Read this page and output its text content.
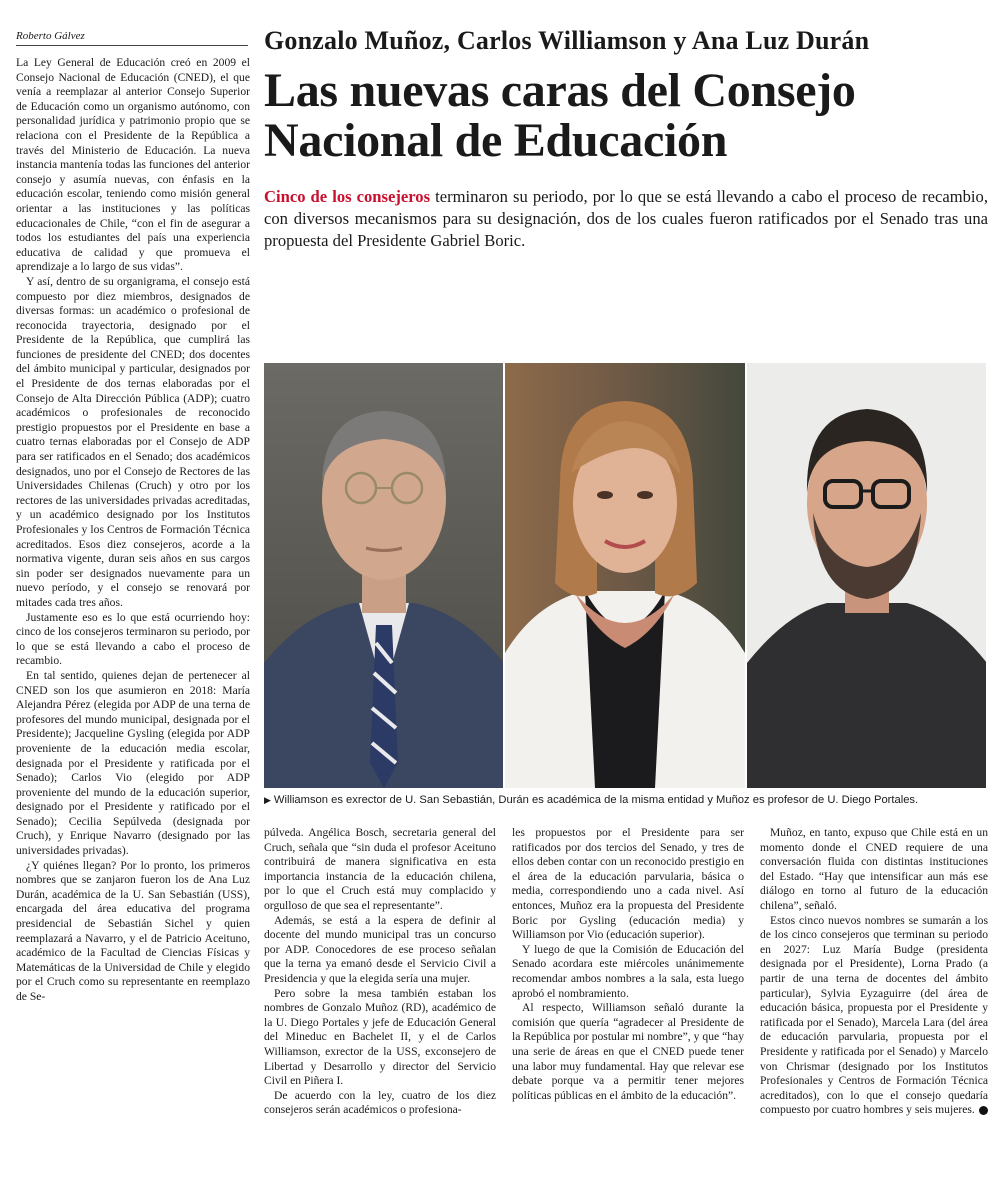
Roberto Gálvez

La Ley General de Educación creó en 2009 el Consejo Nacional de Educación (CNED), el que venía a reemplazar al anterior Consejo Superior de Educación como un organismo autónomo, con personalidad jurídica y patrimonio propio que se relaciona con el Presidente de la República a través del Ministerio de Educación. La nueva instancia mantenía todas las funciones del anterior consejo y asumía nuevas, con énfasis en la educación escolar, teniendo como misión general orientar a las instituciones y las políticas educacionales de Chile, “con el fin de asegurar a todos los estudiantes del país una experiencia educativa de calidad y que promueva el aprendizaje a lo largo de sus vidas”.

Y así, dentro de su organigrama, el consejo está compuesto por diez miembros, designados de diversas formas: un académico o profesional de reconocida trayectoria, designado por el Presidente de la República, que cumplirá las funciones de presidente del CNED; dos docentes del ámbito municipal y particular, designados por el Presidente de dos ternas elaboradas por el Consejo de Alta Dirección Pública (ADP); cuatro académicos o profesionales de reconocido prestigio propuestos por el Presidente en base a cuatro ternas elaboradas por el Consejo de ADP para ser ratificados en el Senado; dos académicos designados, uno por el Consejo de Rectores de las Universidades Chilenas (Cruch) y otro por los rectores de las universidades privadas acreditadas, y un académico designado por los Institutos Profesionales y los Centros de Formación Técnica acreditados. Esos diez consejeros, acorde a la normativa vigente, duran seis años en sus cargos sin poder ser designados nuevamente para un nuevo período, y el consejo se renovará por mitades cada tres años.

Justamente eso es lo que está ocurriendo hoy: cinco de los consejeros terminaron su periodo, por lo que se está llevando a cabo el proceso de recambio.

En tal sentido, quienes dejan de pertenecer al CNED son los que asumieron en 2018: María Alejandra Pérez (elegida por ADP de una terna de profesores del mundo municipal, designada por el Presidente); Jacqueline Gysling (elegida por ADP proveniente de la educación media escolar, designada por el Presidente y ratificada por el Senado); Carlos Vio (elegido por ADP proveniente del mundo de la educación superior, designado por el Presidente y ratificado por el Senado); Cecilia Sepúlveda (designada por Cruch), y Enrique Navarro (designado por las universidades privadas).

¿Y quiénes llegan? Por lo pronto, los primeros nombres que se zanjaron fueron los de Ana Luz Durán, académica de la U. San Sebastián (USS), encargada del área educativa del programa presidencial de Sebastián Sichel y quien reemplazará a Navarro, y el de Patricio Aceituno, académico de la Facultad de Ciencias Físicas y Matemáticas de la Universidad de Chile y elegido por el Cruch como su representante en reemplazo de Se-

Gonzalo Muñoz, Carlos Williamson y Ana Luz Durán
Las nuevas caras del Consejo Nacional de Educación
Cinco de los consejeros terminaron su periodo, por lo que se está llevando a cabo el proceso de recambio, con diversos mecanismos para su designación, dos de los cuales fueron ratificados por el Senado tras una propuesta del Presidente Gabriel Boric.
▶ Williamson es exrector de U. San Sebastián, Durán es académica de la misma entidad y Muñoz es profesor de U. Diego Portales.

púlveda. Angélica Bosch, secretaria general del Cruch, señala que “sin duda el profesor Aceituno contribuirá de manera significativa en esta importancia instancia de la educación chilena, por lo que el Cruch está muy complacido y orgulloso de que sea el representante”.

Además, se está a la espera de definir al docente del mundo municipal tras un concurso por ADP. Conocedores de ese proceso señalan que la terna ya emanó desde el Servicio Civil a Presidencia y que la elegida sería una mujer.

Pero sobre la mesa también estaban los nombres de Gonzalo Muñoz (RD), académico de la U. Diego Portales y jefe de Educación General del Mineduc en Bachelet II, y el de Carlos Williamson, exrector de la USS, exconsejero de Libertad y Desarrollo y director del Servicio Civil en Piñera I.

De acuerdo con la ley, cuatro de los diez consejeros serán académicos o profesiona-

les propuestos por el Presidente para ser ratificados por dos tercios del Senado, y tres de ellos deben contar con un reconocido prestigio en el área de la educación parvularia, básica o media, correspondiendo uno a cada nivel. Así entonces, Muñoz era la propuesta del Presidente Boric por Gysling (educación media) y Williamson por Vio (educación superior).

Y luego de que la Comisión de Educación del Senado acordara este miércoles unánimemente recomendar ambos nombres a la sala, esta luego aprobó el nombramiento.

Al respecto, Williamson señaló durante la comisión que quería “agradecer al Presidente de la República por postular mi nombre”, y que “hay una serie de áreas en que el CNED puede tener una labor muy fundamental. Hay que relevar ese debate porque va a permitir tener mejores políticas públicas en el ámbito de la educación”.

Muñoz, en tanto, expuso que Chile está en un momento donde el CNED requiere de una conversación fluida con distintas instituciones del Estado. “Hay que intensificar aun más ese diálogo en torno al futuro de la educación chilena”, señaló.

Estos cinco nuevos nombres se sumarán a los de los cinco consejeros que terminan su periodo en 2027: Luz María Budge (presidenta designada por el Presidente), Lorna Prado (a partir de una terna de docentes del ámbito particular), Sylvia Eyzaguirre (del área de educación básica, propuesta por el Presidente y ratificada por el Senado), Marcela Lara (del área de educación parvularia, propuesta por el Presidente y ratificada por el Senado) y Marcelo von Chrismar (designado por los Institutos Profesionales y Centros de Formación Técnica acreditados), con lo que el consejo quedaría compuesto por cuatro hombres y seis mujeres.
